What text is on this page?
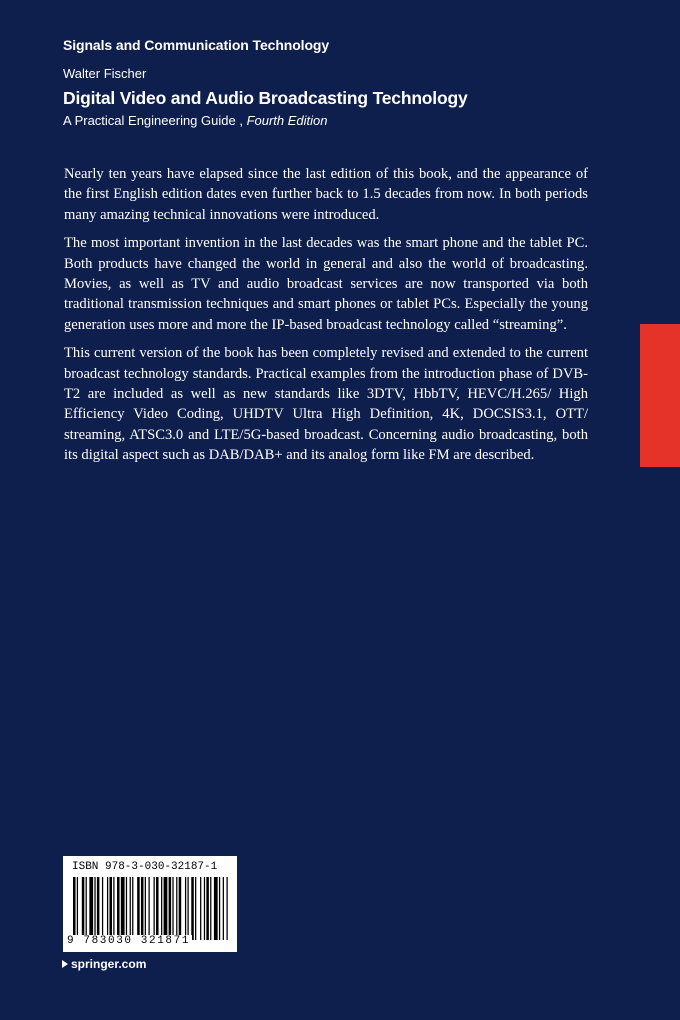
Signals and Communication Technology
Walter Fischer
Digital Video and Audio Broadcasting Technology
A Practical Engineering Guide , Fourth Edition

Nearly ten years have elapsed since the last edition of this book, and the appearance of the first English edition dates even further back to 1.5 decades from now. In both periods many amazing technical innovations were introduced.

The most important invention in the last decades was the smart phone and the tablet PC. Both products have changed the world in general and also the world of broadcasting. Movies, as well as TV and audio broadcast services are now transported via both traditional transmission techniques and smart phones or tablet PCs. Especially the young generation uses more and more the IP-based broadcast technology called “streaming”.

This current version of the book has been completely revised and extended to the current broadcast technology standards. Practical examples from the introduction phase of DVB-T2 are included as well as new standards like 3DTV, HbbTV, HEVC/H.265/ High Efficiency Video Coding, UHDTV Ultra High Definition, 4K, DOCSIS3.1, OTT/ streaming, ATSC3.0 and LTE/5G-based broadcast. Concerning audio broadcasting, both its digital aspect such as DAB/DAB+ and its analog form like FM are described.

ISBN 978-3-030-32187-1
9 783030 321871
springer.com
